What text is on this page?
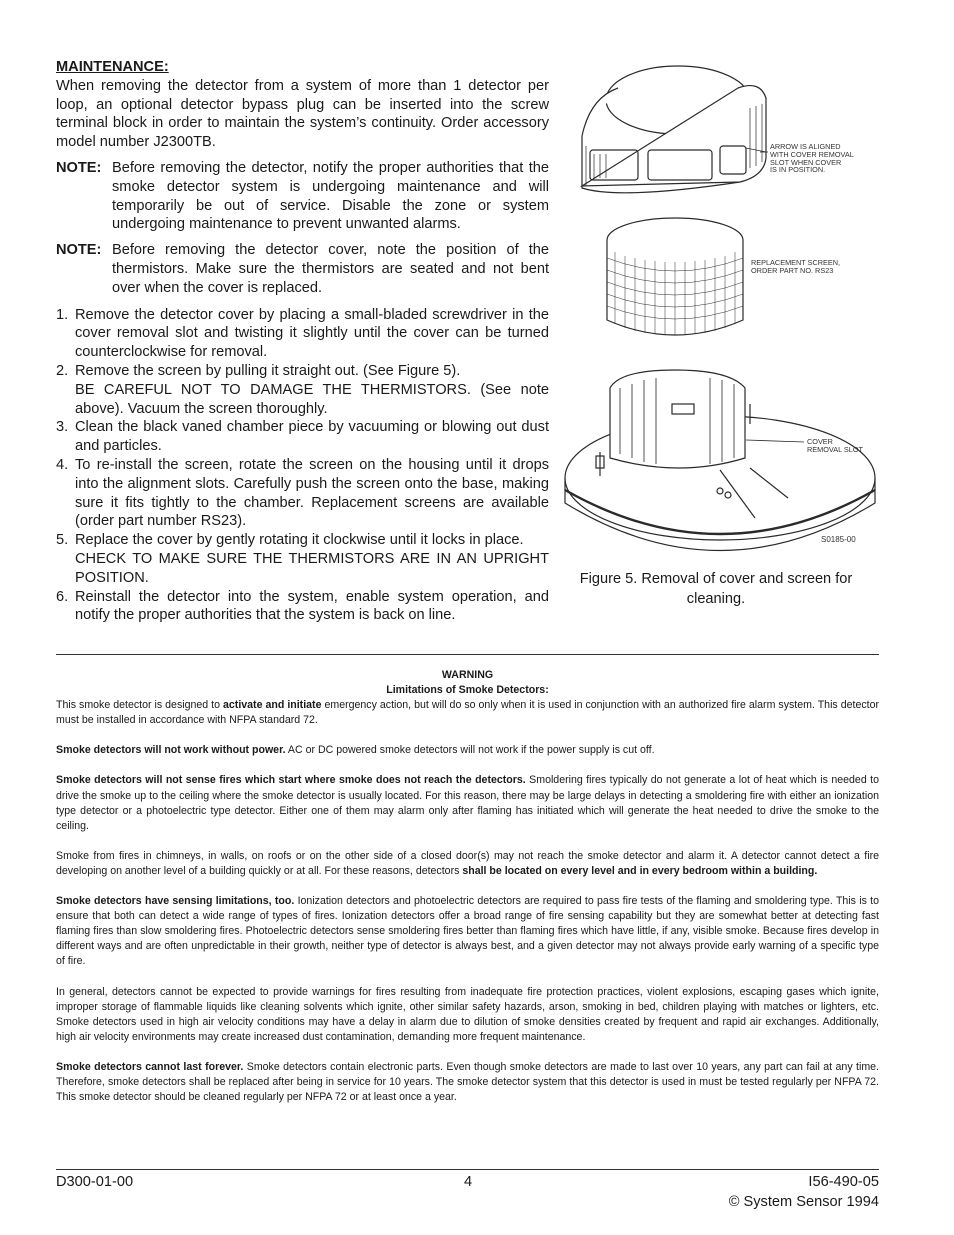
MAINTENANCE:
When removing the detector from a system of more than 1 detector per loop, an optional detector bypass plug can be inserted into the screw terminal block in order to maintain the system’s continuity. Order accessory model number J2300TB.
NOTE: Before removing the detector, notify the proper authorities that the smoke detector system is undergoing maintenance and will temporarily be out of service. Disable the zone or system undergoing maintenance to prevent unwanted alarms.
NOTE: Before removing the detector cover, note the position of the thermistors. Make sure the thermistors are seated and not bent over when the cover is replaced.
1. Remove the detector cover by placing a small-bladed screwdriver in the cover removal slot and twisting it slightly until the cover can be turned counterclockwise for removal.
2. Remove the screen by pulling it straight out. (See Figure 5).
BE CAREFUL NOT TO DAMAGE THE THERMISTORS. (See note above). Vacuum the screen thoroughly.
3. Clean the black vaned chamber piece by vacuuming or blowing out dust and particles.
4. To re-install the screen, rotate the screen on the housing until it drops into the alignment slots. Carefully push the screen onto the base, making sure it fits tightly to the chamber. Replacement screens are available (order part number RS23).
5. Replace the cover by gently rotating it clockwise until it locks in place.
CHECK TO MAKE SURE THE THERMISTORS ARE IN AN UPRIGHT POSITION.
6. Reinstall the detector into the system, enable system operation, and notify the proper authorities that the system is back on line.
ARROW IS ALIGNED
WITH COVER REMOVAL
SLOT WHEN COVER
IS IN POSITION.
REPLACEMENT SCREEN,
ORDER PART NO. RS23
COVER
REMOVAL SLOT
S0185-00
Figure 5. Removal of cover and screen for cleaning.
WARNING
Limitations of Smoke Detectors:
This smoke detector is designed to activate and initiate emergency action, but will do so only when it is used in conjunction with an authorized fire alarm system. This detector must be installed in accordance with NFPA standard 72.
Smoke detectors will not work without power. AC or DC powered smoke detectors will not work if the power supply is cut off.
Smoke detectors will not sense fires which start where smoke does not reach the detectors. Smoldering fires typically do not generate a lot of heat which is needed to drive the smoke up to the ceiling where the smoke detector is usually located. For this reason, there may be large delays in detecting a smoldering fire with either an ionization type detector or a photoelectric type detector. Either one of them may alarm only after flaming has initiated which will generate the heat needed to drive the smoke to the ceiling.
Smoke from fires in chimneys, in walls, on roofs or on the other side of a closed door(s) may not reach the smoke detector and alarm it. A detector cannot detect a fire developing on another level of a building quickly or at all. For these reasons, detectors shall be located on every level and in every bedroom within a building.
Smoke detectors have sensing limitations, too. Ionization detectors and photoelectric detectors are required to pass fire tests of the flaming and smoldering type. This is to ensure that both can detect a wide range of types of fires. Ionization detectors offer a broad range of fire sensing capability but they are somewhat better at detecting fast flaming fires than slow smoldering fires. Photoelectric detectors sense smoldering fires better than flaming fires which have little, if any, visible smoke. Because fires develop in different ways and are often unpredictable in their growth, neither type of detector is always best, and a given detector may not always provide early warning of a specific type of fire.
In general, detectors cannot be expected to provide warnings for fires resulting from inadequate fire protection practices, violent explosions, escaping gases which ignite, improper storage of flammable liquids like cleaning solvents which ignite, other similar safety hazards, arson, smoking in bed, children playing with matches or lighters, etc. Smoke detectors used in high air velocity conditions may have a delay in alarm due to dilution of smoke densities created by frequent and rapid air exchanges. Additionally, high air velocity environments may create increased dust contamination, demanding more frequent maintenance.
Smoke detectors cannot last forever. Smoke detectors contain electronic parts. Even though smoke detectors are made to last over 10 years, any part can fail at any time. Therefore, smoke detectors shall be replaced after being in service for 10 years. The smoke detector system that this detector is used in must be tested regularly per NFPA 72. This smoke detector should be cleaned regularly per NFPA 72 or at least once a year.
D300-01-00	4	I56-490-05
© System Sensor 1994
